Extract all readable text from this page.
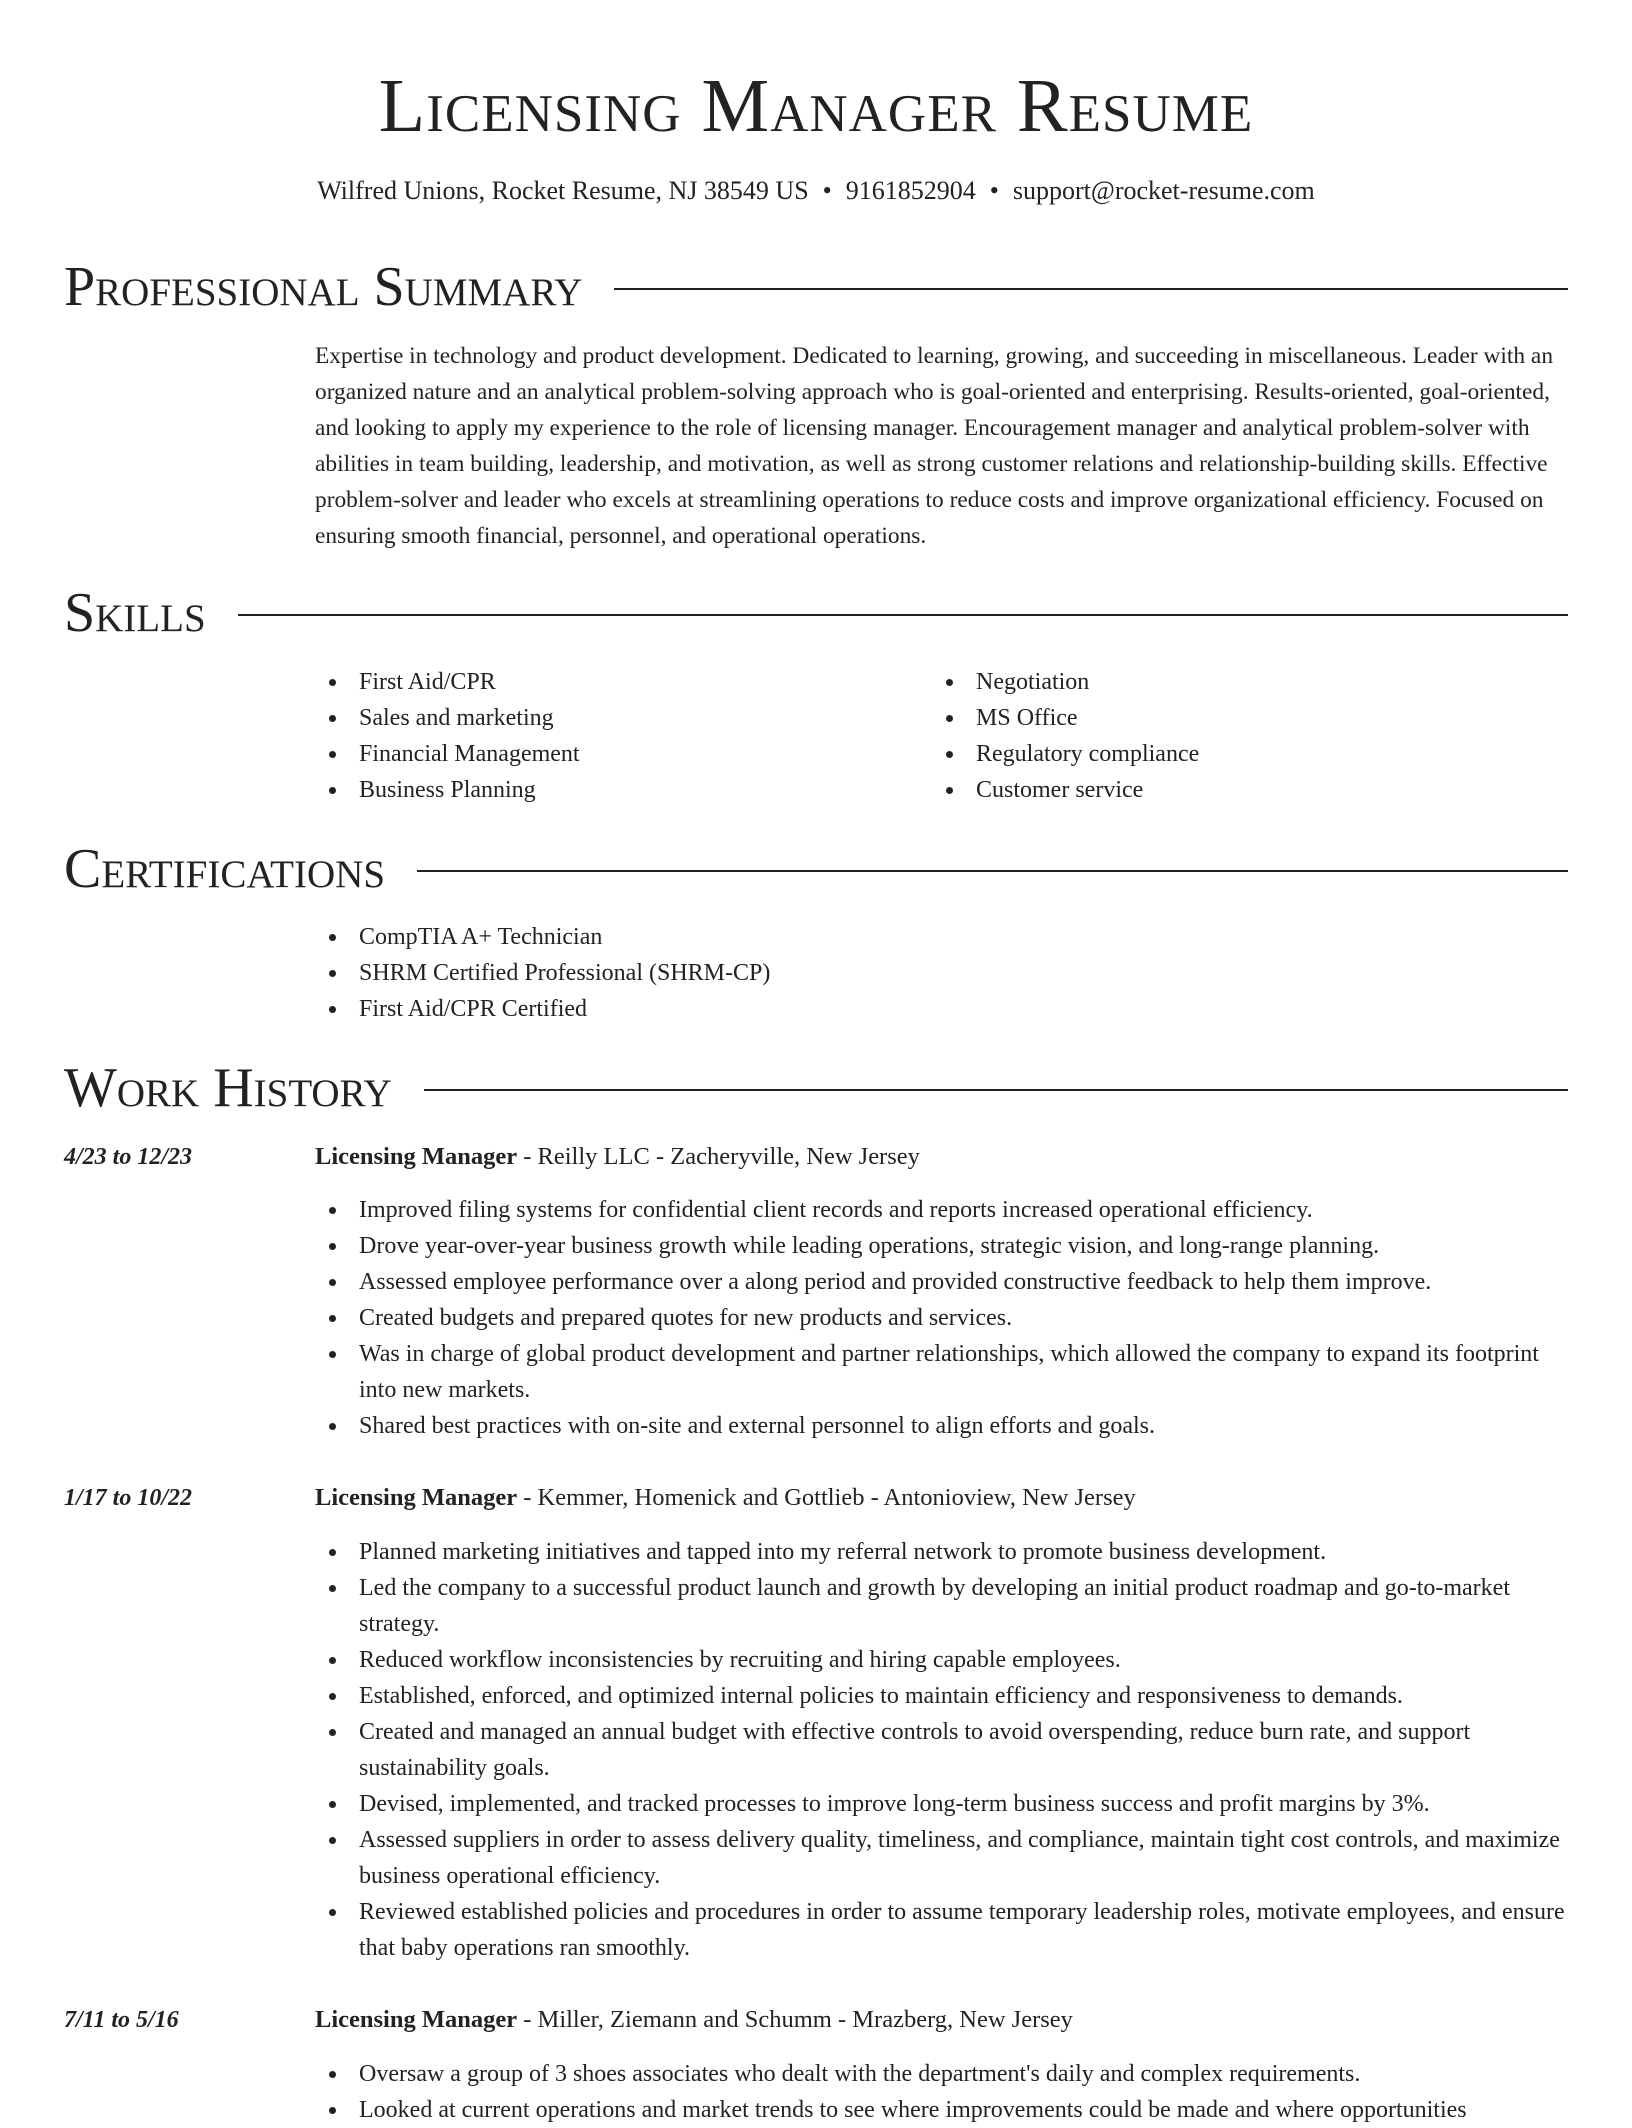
Licensing Manager Resume
Wilfred Unions, Rocket Resume, NJ 38549 US • 9161852904 • support@rocket-resume.com
Professional Summary

Expertise in technology and product development. Dedicated to learning, growing, and succeeding in miscellaneous. Leader with an organized nature and an analytical problem-solving approach who is goal-oriented and enterprising. Results-oriented, goal-oriented, and looking to apply my experience to the role of licensing manager. Encouragement manager and analytical problem-solver with abilities in team building, leadership, and motivation, as well as strong customer relations and relationship-building skills. Effective problem-solver and leader who excels at streamlining operations to reduce costs and improve organizational efficiency. Focused on ensuring smooth financial, personnel, and operational operations.

Skills
First Aid/CPR
Sales and marketing
Financial Management
Business Planning
Negotiation
MS Office
Regulatory compliance
Customer service
Certifications
CompTIA A+ Technician
SHRM Certified Professional (SHRM-CP)
First Aid/CPR Certified
Work History
4/23 to 12/23	Licensing Manager - Reilly LLC - Zacheryville, New Jersey
Improved filing systems for confidential client records and reports increased operational efficiency.
Drove year-over-year business growth while leading operations, strategic vision, and long-range planning.
Assessed employee performance over a along period and provided constructive feedback to help them improve.
Created budgets and prepared quotes for new products and services.
Was in charge of global product development and partner relationships, which allowed the company to expand its footprint into new markets.
Shared best practices with on-site and external personnel to align efforts and goals.
1/17 to 10/22	Licensing Manager - Kemmer, Homenick and Gottlieb - Antonioview, New Jersey
Planned marketing initiatives and tapped into my referral network to promote business development.
Led the company to a successful product launch and growth by developing an initial product roadmap and go-to-market strategy.
Reduced workflow inconsistencies by recruiting and hiring capable employees.
Established, enforced, and optimized internal policies to maintain efficiency and responsiveness to demands.
Created and managed an annual budget with effective controls to avoid overspending, reduce burn rate, and support sustainability goals.
Devised, implemented, and tracked processes to improve long-term business success and profit margins by 3%.
Assessed suppliers in order to assess delivery quality, timeliness, and compliance, maintain tight cost controls, and maximize business operational efficiency.
Reviewed established policies and procedures in order to assume temporary leadership roles, motivate employees, and ensure that baby operations ran smoothly.
7/11 to 5/16	Licensing Manager - Miller, Ziemann and Schumm - Mrazberg, New Jersey
Oversaw a group of 3 shoes associates who dealt with the department's daily and complex requirements.
Looked at current operations and market trends to see where improvements could be made and where opportunities
